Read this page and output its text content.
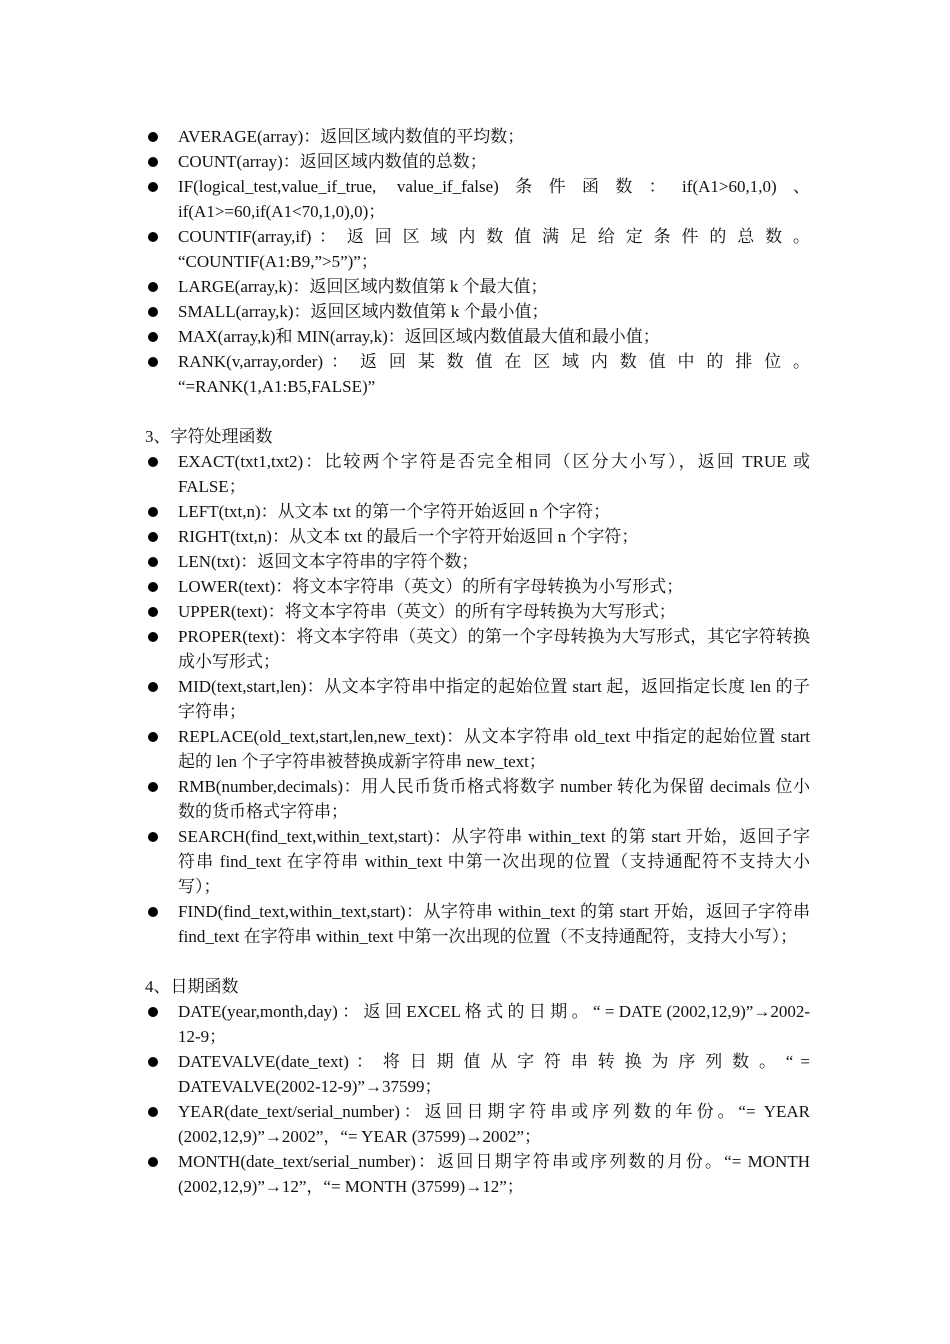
AVERAGE(array)：返回区域内数值的平均数；
COUNT(array)：返回区域内数值的总数；
IF(logical_test,value_if_true, value_if_false)条件函数：if(A1>60,1,0)、 if(A1>=60,if(A1<70,1,0),0)；
COUNTIF(array,if) ： 返 回 区 域 内 数 值 满 足 给 定 条 件 的 总 数 。 “COUNTIF(A1:B9,”>5”)”；
LARGE(array,k)：返回区域内数值第 k 个最大值；
SMALL(array,k)：返回区域内数值第 k 个最小值；
MAX(array,k)和 MIN(array,k)：返回区域内数值最大值和最小值；
RANK(v,array,order) ： 返 回 某 数 值 在 区 域 内 数 值 中 的 排 位 。 “=RANK(1,A1:B5,FALSE)”

3、字符处理函数

EXACT(txt1,txt2)：比较两个字符是否完全相同（区分大小写），返回 TRUE 或 FALSE；
LEFT(txt,n)：从文本 txt 的第一个字符开始返回 n 个字符；
RIGHT(txt,n)：从文本 txt 的最后一个字符开始返回 n 个字符；
LEN(txt)：返回文本字符串的字符个数；
LOWER(text)：将文本字符串（英文）的所有字母转换为小写形式；
UPPER(text)：将文本字符串（英文）的所有字母转换为大写形式；
PROPER(text)：将文本字符串（英文）的第一个字母转换为大写形式，其它字符转换成小写形式；
MID(text,start,len)：从文本字符串中指定的起始位置 start 起，返回指定长度 len 的子字符串；
REPLACE(old_text,start,len,new_text)：从文本字符串 old_text 中指定的起始位置 start 起的 len 个子字符串被替换成新字符串 new_text；
RMB(number,decimals)：用人民币货币格式将数字 number 转化为保留 decimals 位小数的货币格式字符串；
SEARCH(find_text,within_text,start)：从字符串 within_text 的第 start 开始，返回子字符串 find_text 在字符串 within_text 中第一次出现的位置（支持通配符不支持大小写）；
FIND(find_text,within_text,start)：从字符串 within_text 的第 start 开始，返回子字符串 find_text 在字符串 within_text 中第一次出现的位置（不支持通配符，支持大小写）；

4、日期函数

DATE(year,month,day) ： 返 回 EXCEL 格 式 的 日 期 。 “ = DATE (2002,12,9)”→2002-12-9；
DATEVALVE(date_text) ： 将 日 期 值 从 字 符 串 转 换 为 序 列 数 。 “ = DATEVALVE(2002-12-9)”→37599；
YEAR(date_text/serial_number)：返回日期字符串或序列数的年份。“= YEAR (2002,12,9)”→2002”，“= YEAR (37599)→2002”；
MONTH(date_text/serial_number)：返回日期字符串或序列数的月份。“= MONTH (2002,12,9)”→12”，“= MONTH (37599)→12”；
